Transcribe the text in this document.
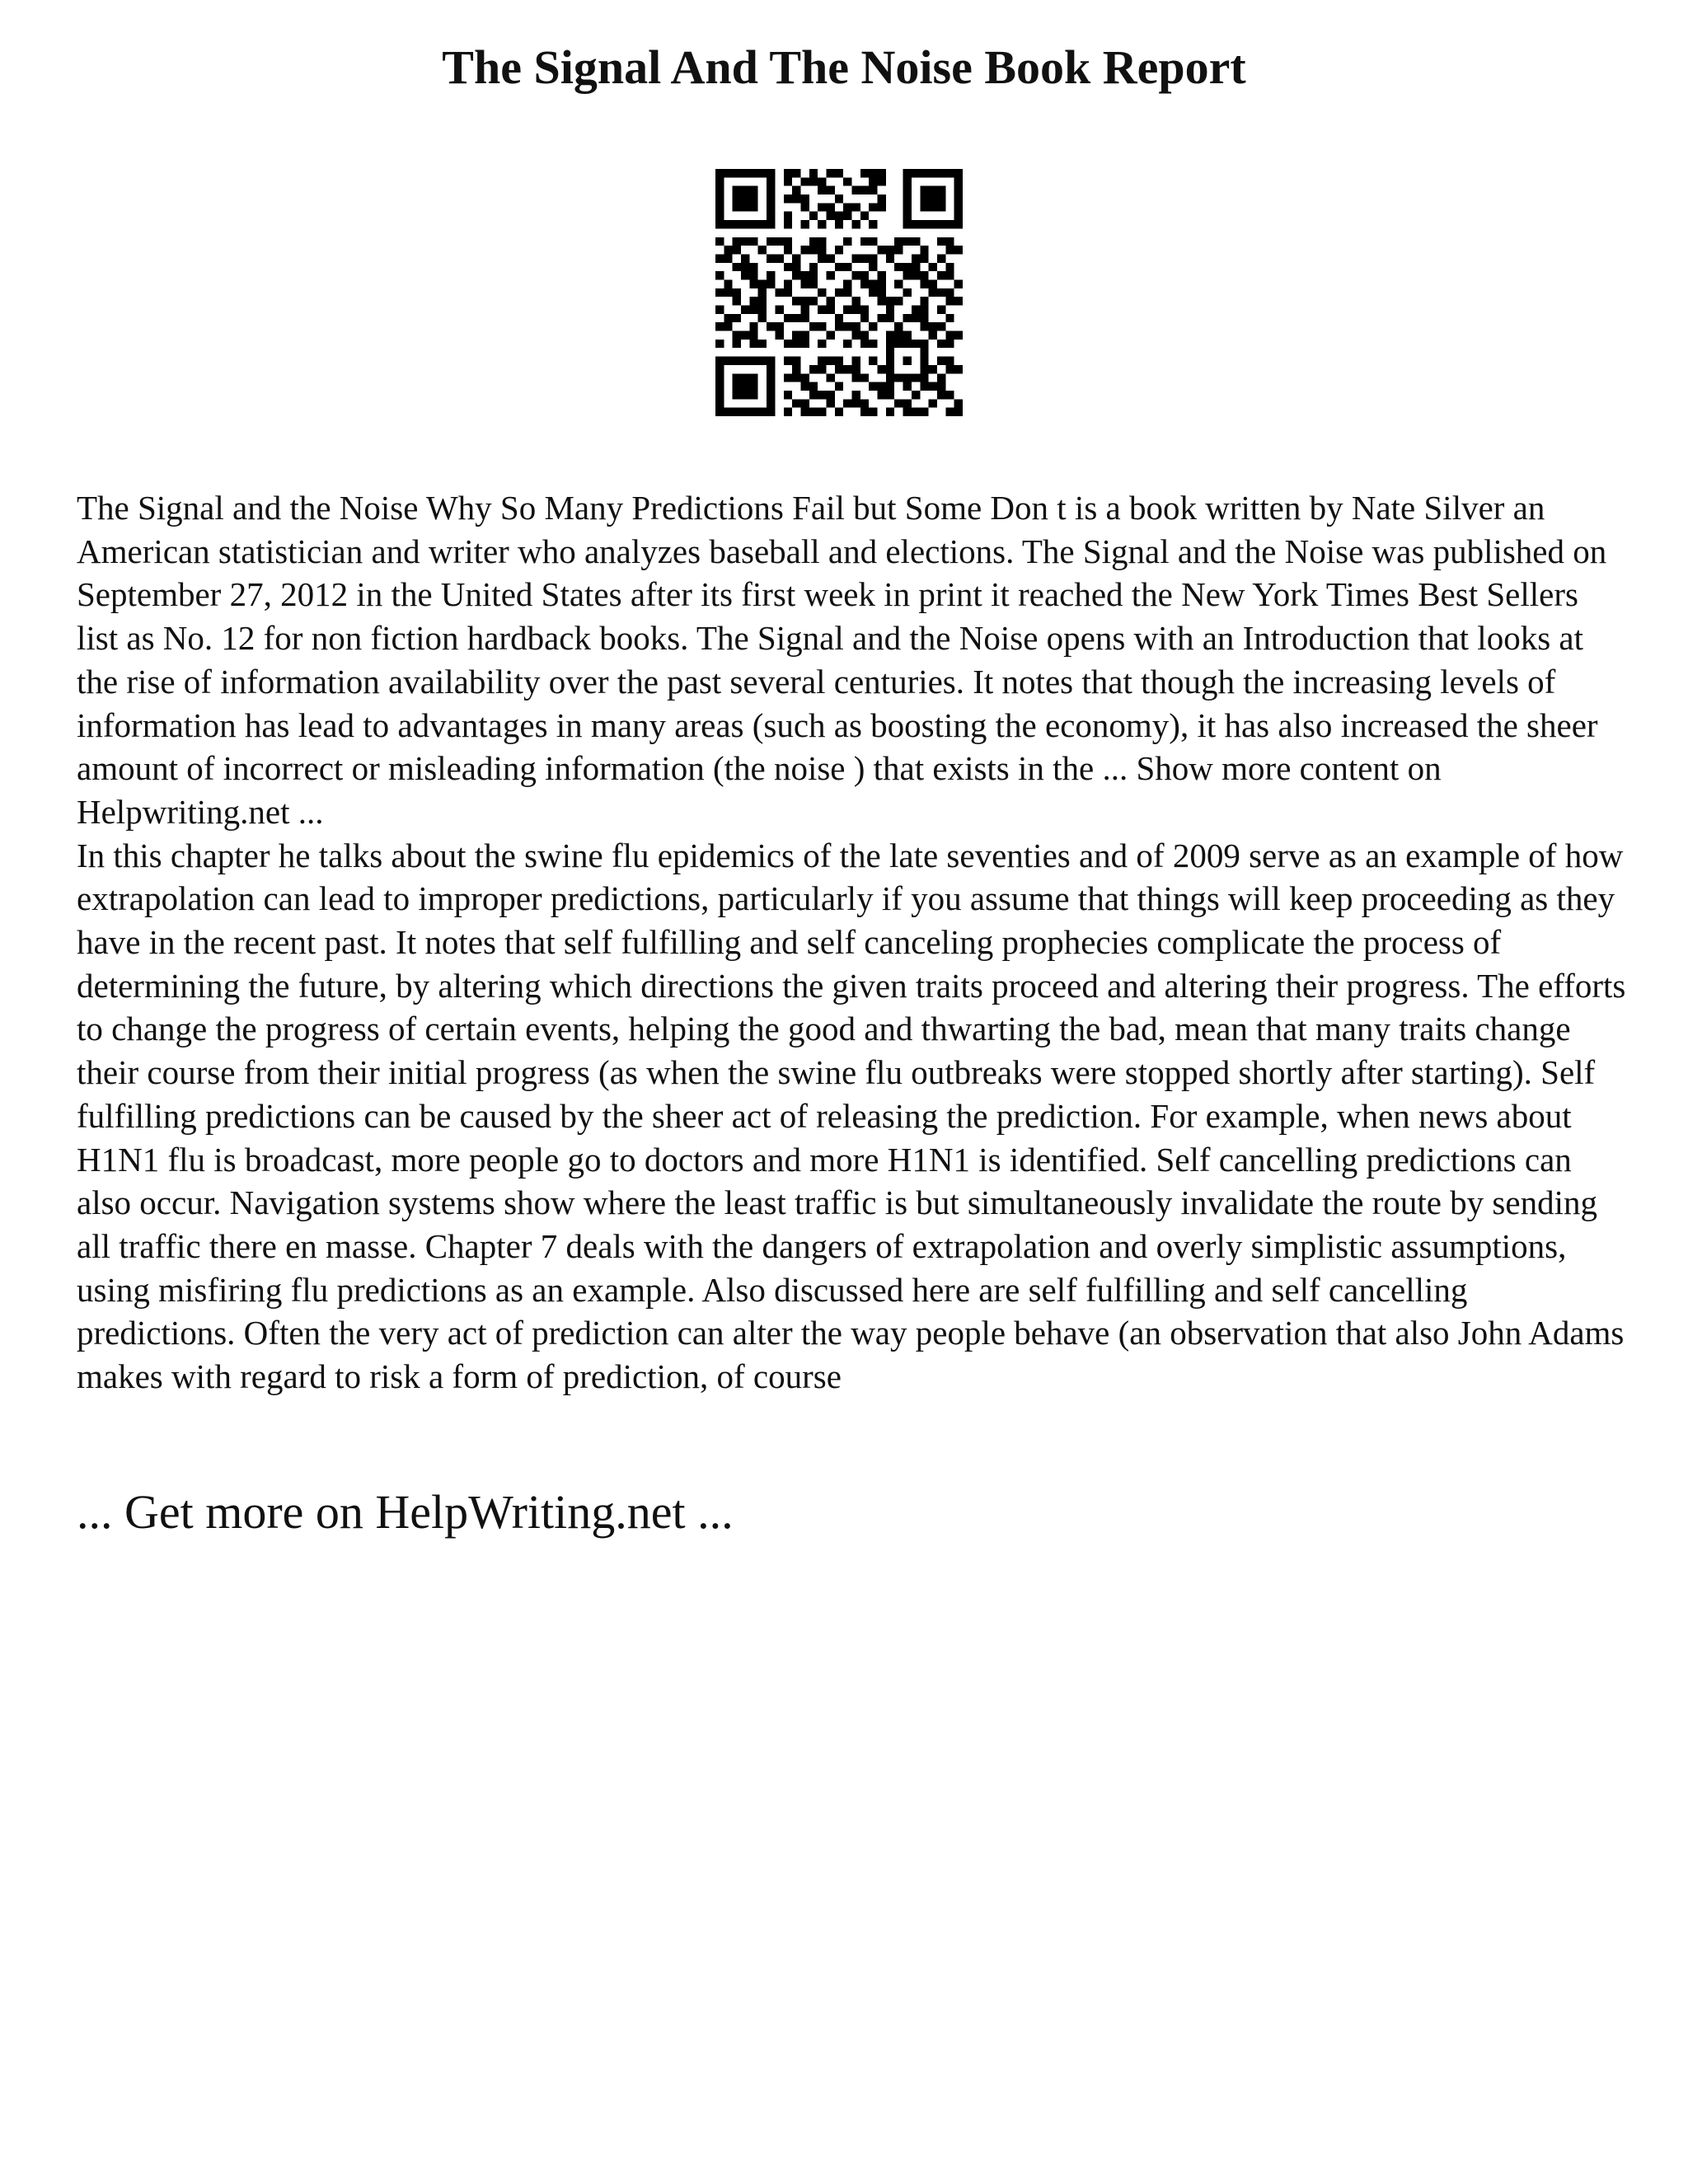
The Signal And The Noise Book Report
The Signal and the Noise Why So Many Predictions Fail but Some Don t is a book written by Nate Silver an American statistician and writer who analyzes baseball and elections. The Signal and the Noise was published on September 27, 2012 in the United States after its first week in print it reached the New York Times Best Sellers list as No. 12 for non fiction hardback books. The Signal and the Noise opens with an Introduction that looks at the rise of information availability over the past several centuries. It notes that though the increasing levels of information has lead to advantages in many areas (such as boosting the economy), it has also increased the sheer amount of incorrect or misleading information (the noise ) that exists in the ... Show more content on Helpwriting.net ...
In this chapter he talks about the swine flu epidemics of the late seventies and of 2009 serve as an example of how extrapolation can lead to improper predictions, particularly if you assume that things will keep proceeding as they have in the recent past. It notes that self fulfilling and self canceling prophecies complicate the process of determining the future, by altering which directions the given traits proceed and altering their progress. The efforts to change the progress of certain events, helping the good and thwarting the bad, mean that many traits change their course from their initial progress (as when the swine flu outbreaks were stopped shortly after starting). Self fulfilling predictions can be caused by the sheer act of releasing the prediction. For example, when news about H1N1 flu is broadcast, more people go to doctors and more H1N1 is identified. Self cancelling predictions can also occur. Navigation systems show where the least traffic is but simultaneously invalidate the route by sending all traffic there en masse. Chapter 7 deals with the dangers of extrapolation and overly simplistic assumptions, using misfiring flu predictions as an example. Also discussed here are self fulfilling and self cancelling predictions. Often the very act of prediction can alter the way people behave (an observation that also John Adams makes with regard to risk a form of prediction, of course

... Get more on HelpWriting.net ...
